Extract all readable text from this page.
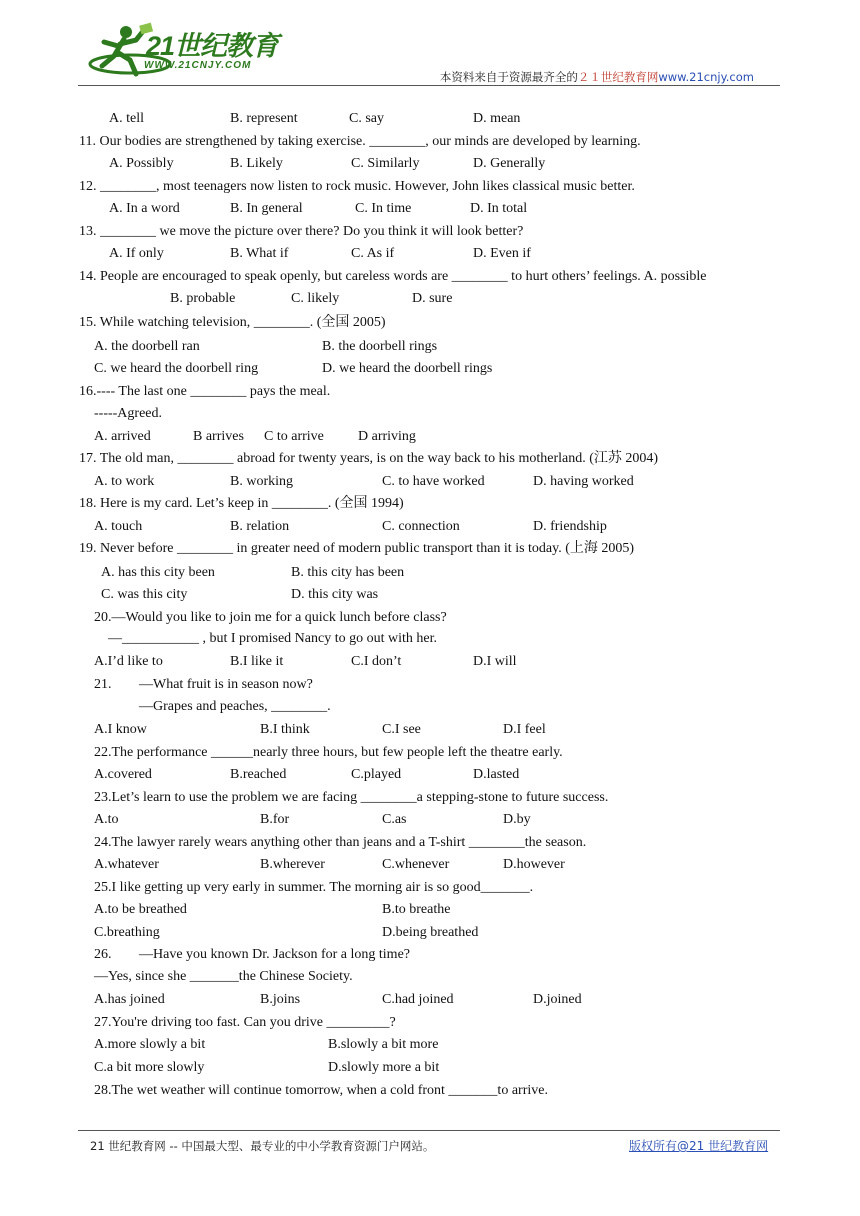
21世纪教育
WWW.21CNJY.COM
本资料来自于资源最齐全的２１世纪教育网www.21cnjy.com
A. tell	B. represent	C. say	D. mean
11. Our bodies are strengthened by taking exercise. ________, our minds are developed by learning.
A. Possibly	B. Likely	C. Similarly	D. Generally
12. ________, most teenagers now listen to rock music. However, John likes classical music better.
A. In a word	B. In general	C. In time	D. In total
13. ________ we move the picture over there? Do you think it will look better?
A. If only	B. What if	C. As if	D. Even if
14. People are encouraged to speak openly, but careless words are ________ to hurt others’ feelings. A. possible
B. probable	C. likely	D. sure
15. While watching television, ________. (全国 2005)
A. the doorbell ran	B. the doorbell rings
C. we heard the doorbell ring	D. we heard the doorbell rings
16.---- The last one ________ pays the meal.
-----Agreed.
A. arrived	B arrives C to arrive D arriving
17. The old man, ________ abroad for twenty years, is on the way back to his motherland. (江苏 2004)
A. to work	B. working	C. to have worked	D. having worked
18. Here is my card. Let’s keep in ________. (全国 1994)
A. touch	B. relation	C. connection	D. friendship
19. Never before ________ in greater need of modern public transport than it is today. (上海 2005)
A. has this city been	B. this city has been
C. was this city	D. this city was
20.—Would you like to join me for a quick lunch before class?
—___________ , but I promised Nancy to go out with her.
A.I’d like to	B.I like it	C.I don’t	D.I will
21. —What fruit is in season now?
—Grapes and peaches, ________.
A.I know	B.I think	C.I see	D.I feel
22.The performance ______nearly three hours, but few people left the theatre early.
A.covered	B.reached	C.played	D.lasted
23.Let’s learn to use the problem we are facing ________a stepping-stone to future success.
A.to	B.for	C.as	D.by
24.The lawyer rarely wears anything other than jeans and a T-shirt ________the season.
A.whatever	B.wherever	C.whenever	D.however
25.I like getting up very early in summer. The morning air is so good_______.
A.to be breathed	B.to breathe
C.breathing	D.being breathed
26. —Have you known Dr. Jackson for a long time?
—Yes, since she _______the Chinese Society.
A.has joined	B.joins	C.had joined	D.joined
27.You're driving too fast. Can you drive _________?
A.more slowly a bit	B.slowly a bit more
C.a bit more slowly	D.slowly more a bit
28.The wet weather will continue tomorrow, when a cold front _______to arrive.
21 世纪教育网 -- 中国最大型、最专业的中小学教育资源门户网站。	版权所有@21 世纪教育网
